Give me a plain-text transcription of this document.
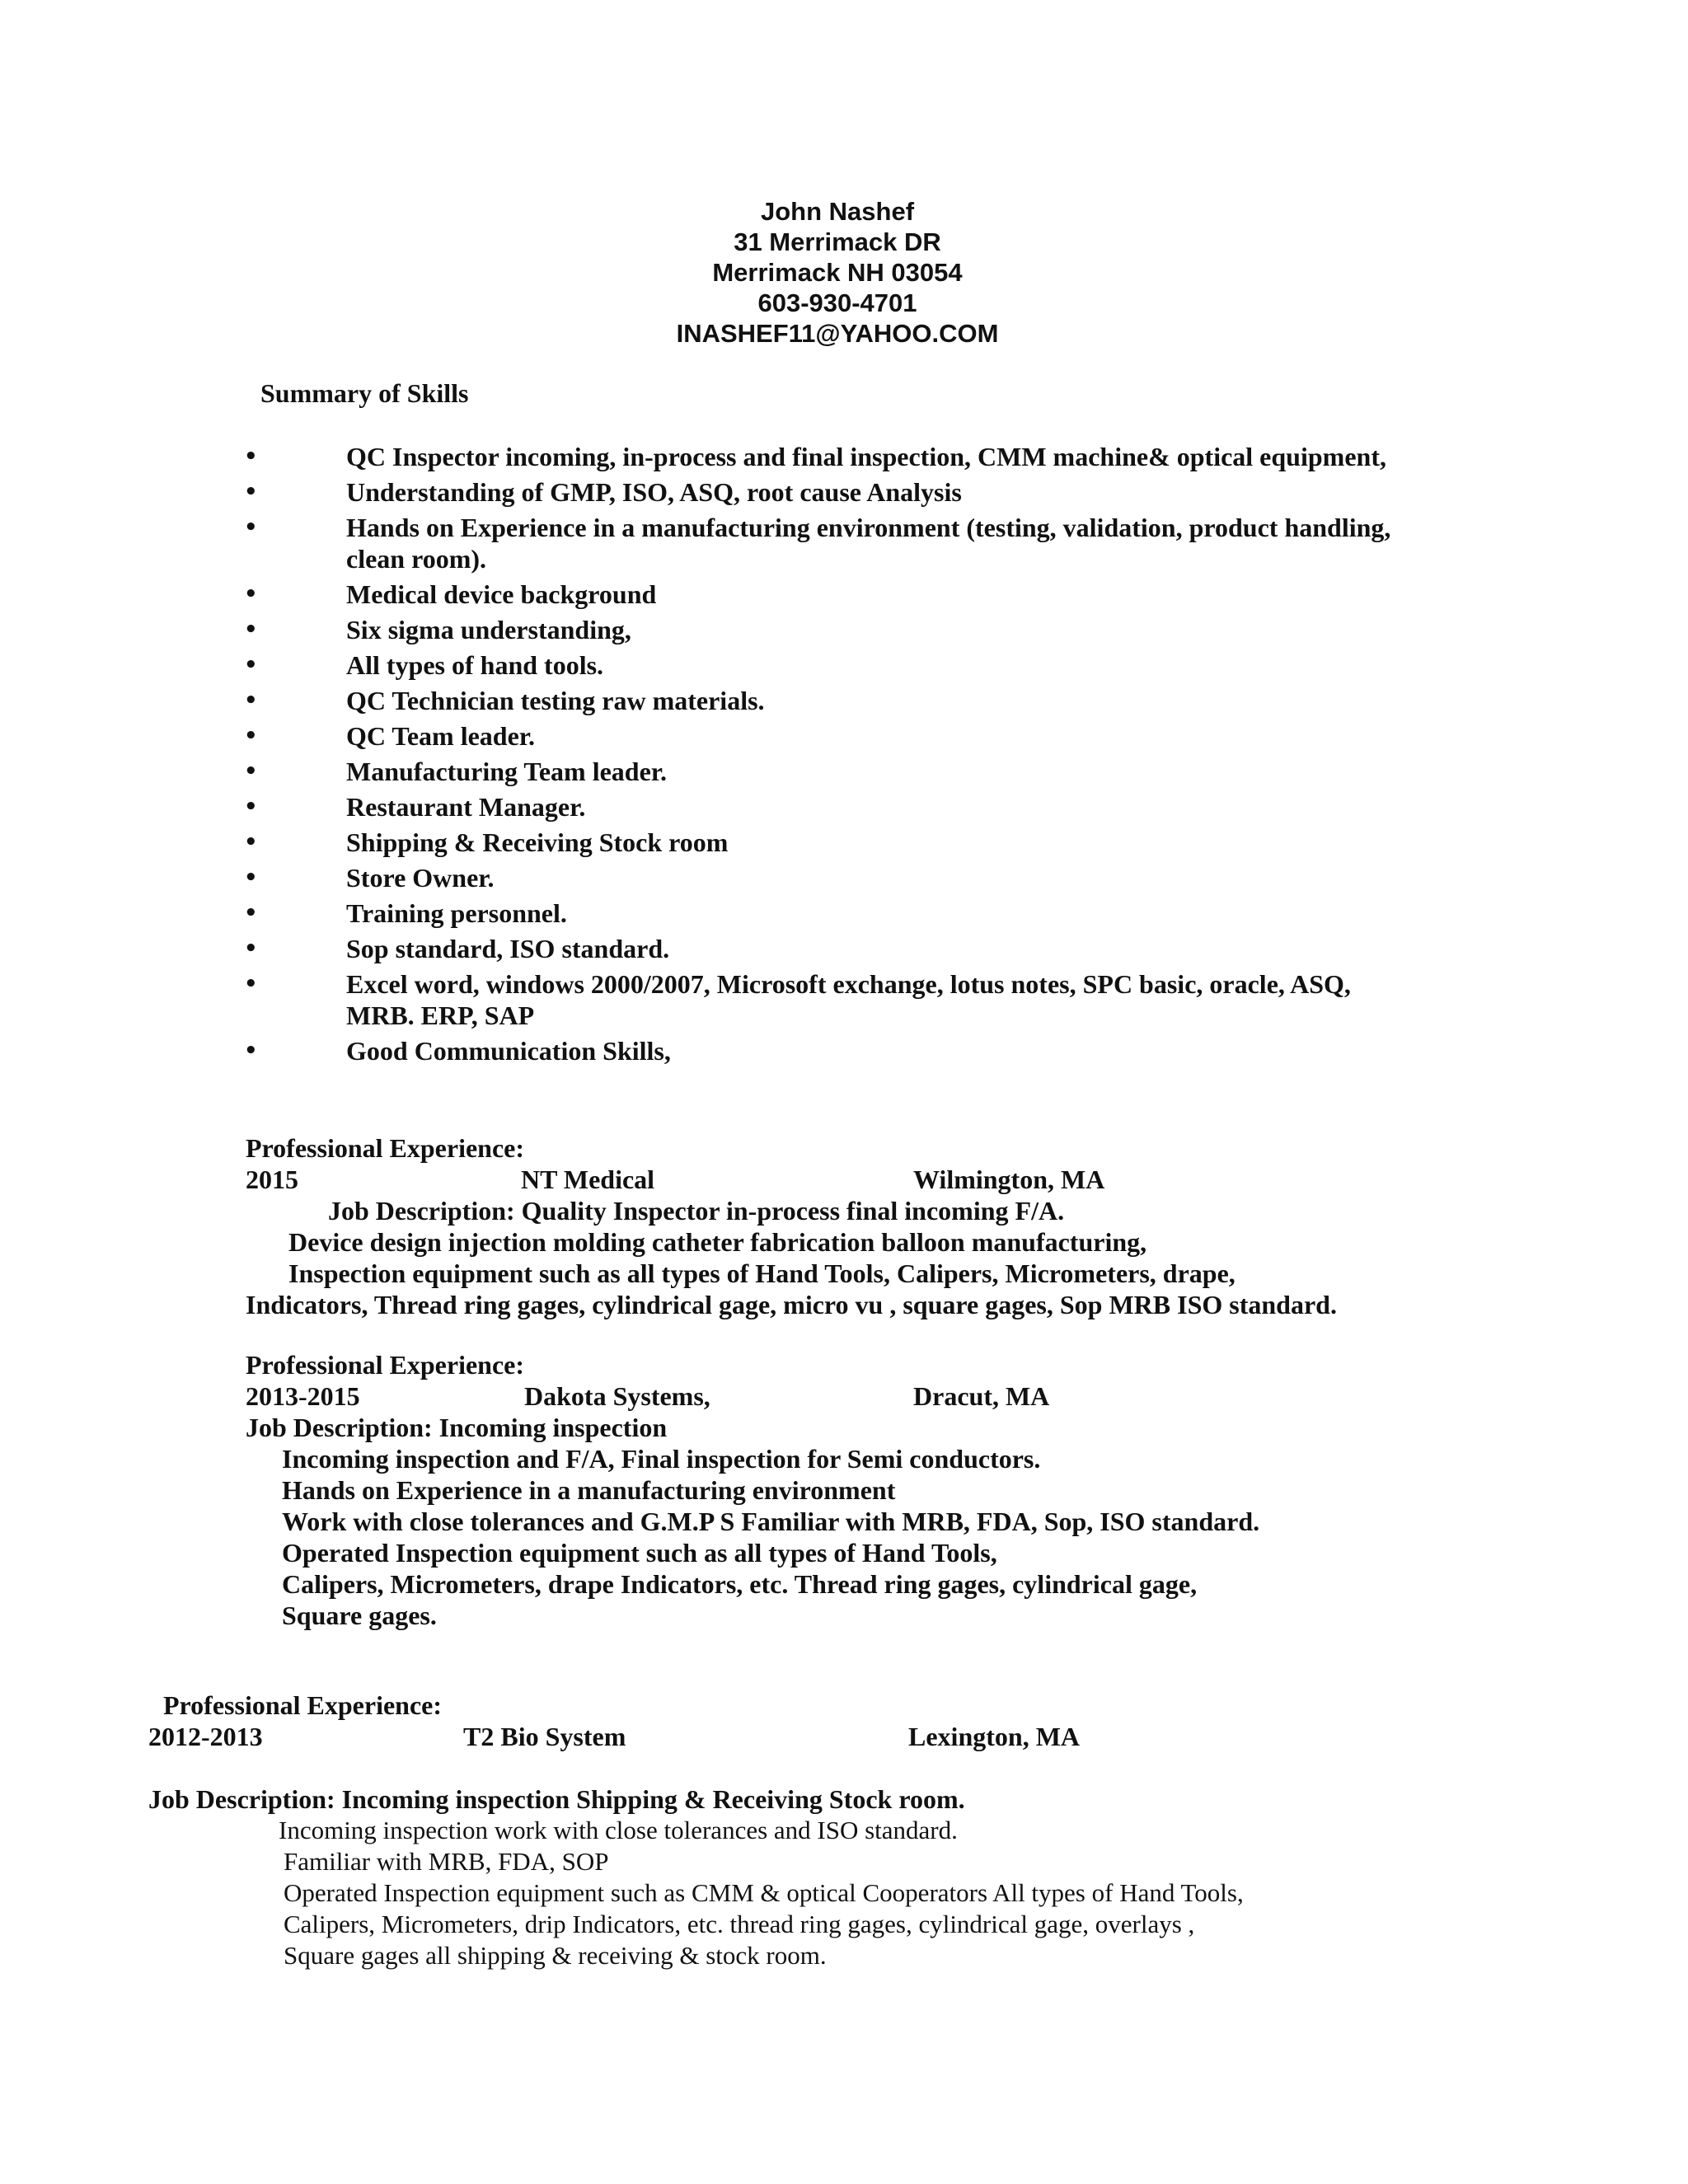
John Nashef
31 Merrimack DR
Merrimack NH 03054
603-930-4701
INASHEF11@YAHOO.COM
Summary of Skills
•	QC Inspector incoming, in-process and final inspection, CMM machine& optical equipment,
•	Understanding of GMP, ISO, ASQ, root cause Analysis
•	Hands on Experience in a manufacturing environment (testing, validation, product handling, clean room).
•	Medical device background
•	Six sigma understanding,
•	All types of hand tools.
•	QC Technician testing raw materials.
•	QC Team leader.
•	Manufacturing Team leader.
•	Restaurant Manager.
•	Shipping & Receiving Stock room
•	Store Owner.
•	Training personnel.
•	Sop standard, ISO standard.
•	Excel word, windows 2000/2007, Microsoft exchange, lotus notes, SPC basic, oracle, ASQ, MRB. ERP, SAP
•	Good Communication Skills,
Professional Experience:
2015	NT Medical	Wilmington, MA
Job Description: Quality Inspector in-process final incoming F/A.
Device design injection molding catheter fabrication balloon manufacturing,
Inspection equipment such as all types of Hand Tools, Calipers, Micrometers, drape,
Indicators, Thread ring gages, cylindrical gage, micro vu , square gages, Sop MRB ISO standard.
Professional Experience:
2013-2015	Dakota Systems,	Dracut, MA
Job Description: Incoming inspection
Incoming inspection and F/A, Final inspection for Semi conductors.
Hands on Experience in a manufacturing environment
Work with close tolerances and G.M.P S Familiar with MRB, FDA, Sop, ISO standard.
Operated Inspection equipment such as all types of Hand Tools,
Calipers, Micrometers, drape Indicators, etc. Thread ring gages, cylindrical gage,
Square gages.
Professional Experience:
2012-2013	T2 Bio System	Lexington, MA
Job Description: Incoming inspection Shipping & Receiving Stock room.
Incoming inspection work with close tolerances and ISO standard.
Familiar with MRB, FDA, SOP
Operated Inspection equipment such as CMM & optical Cooperators All types of Hand Tools,
Calipers, Micrometers, drip Indicators, etc. thread ring gages, cylindrical gage, overlays ,
Square gages all shipping & receiving & stock room.
